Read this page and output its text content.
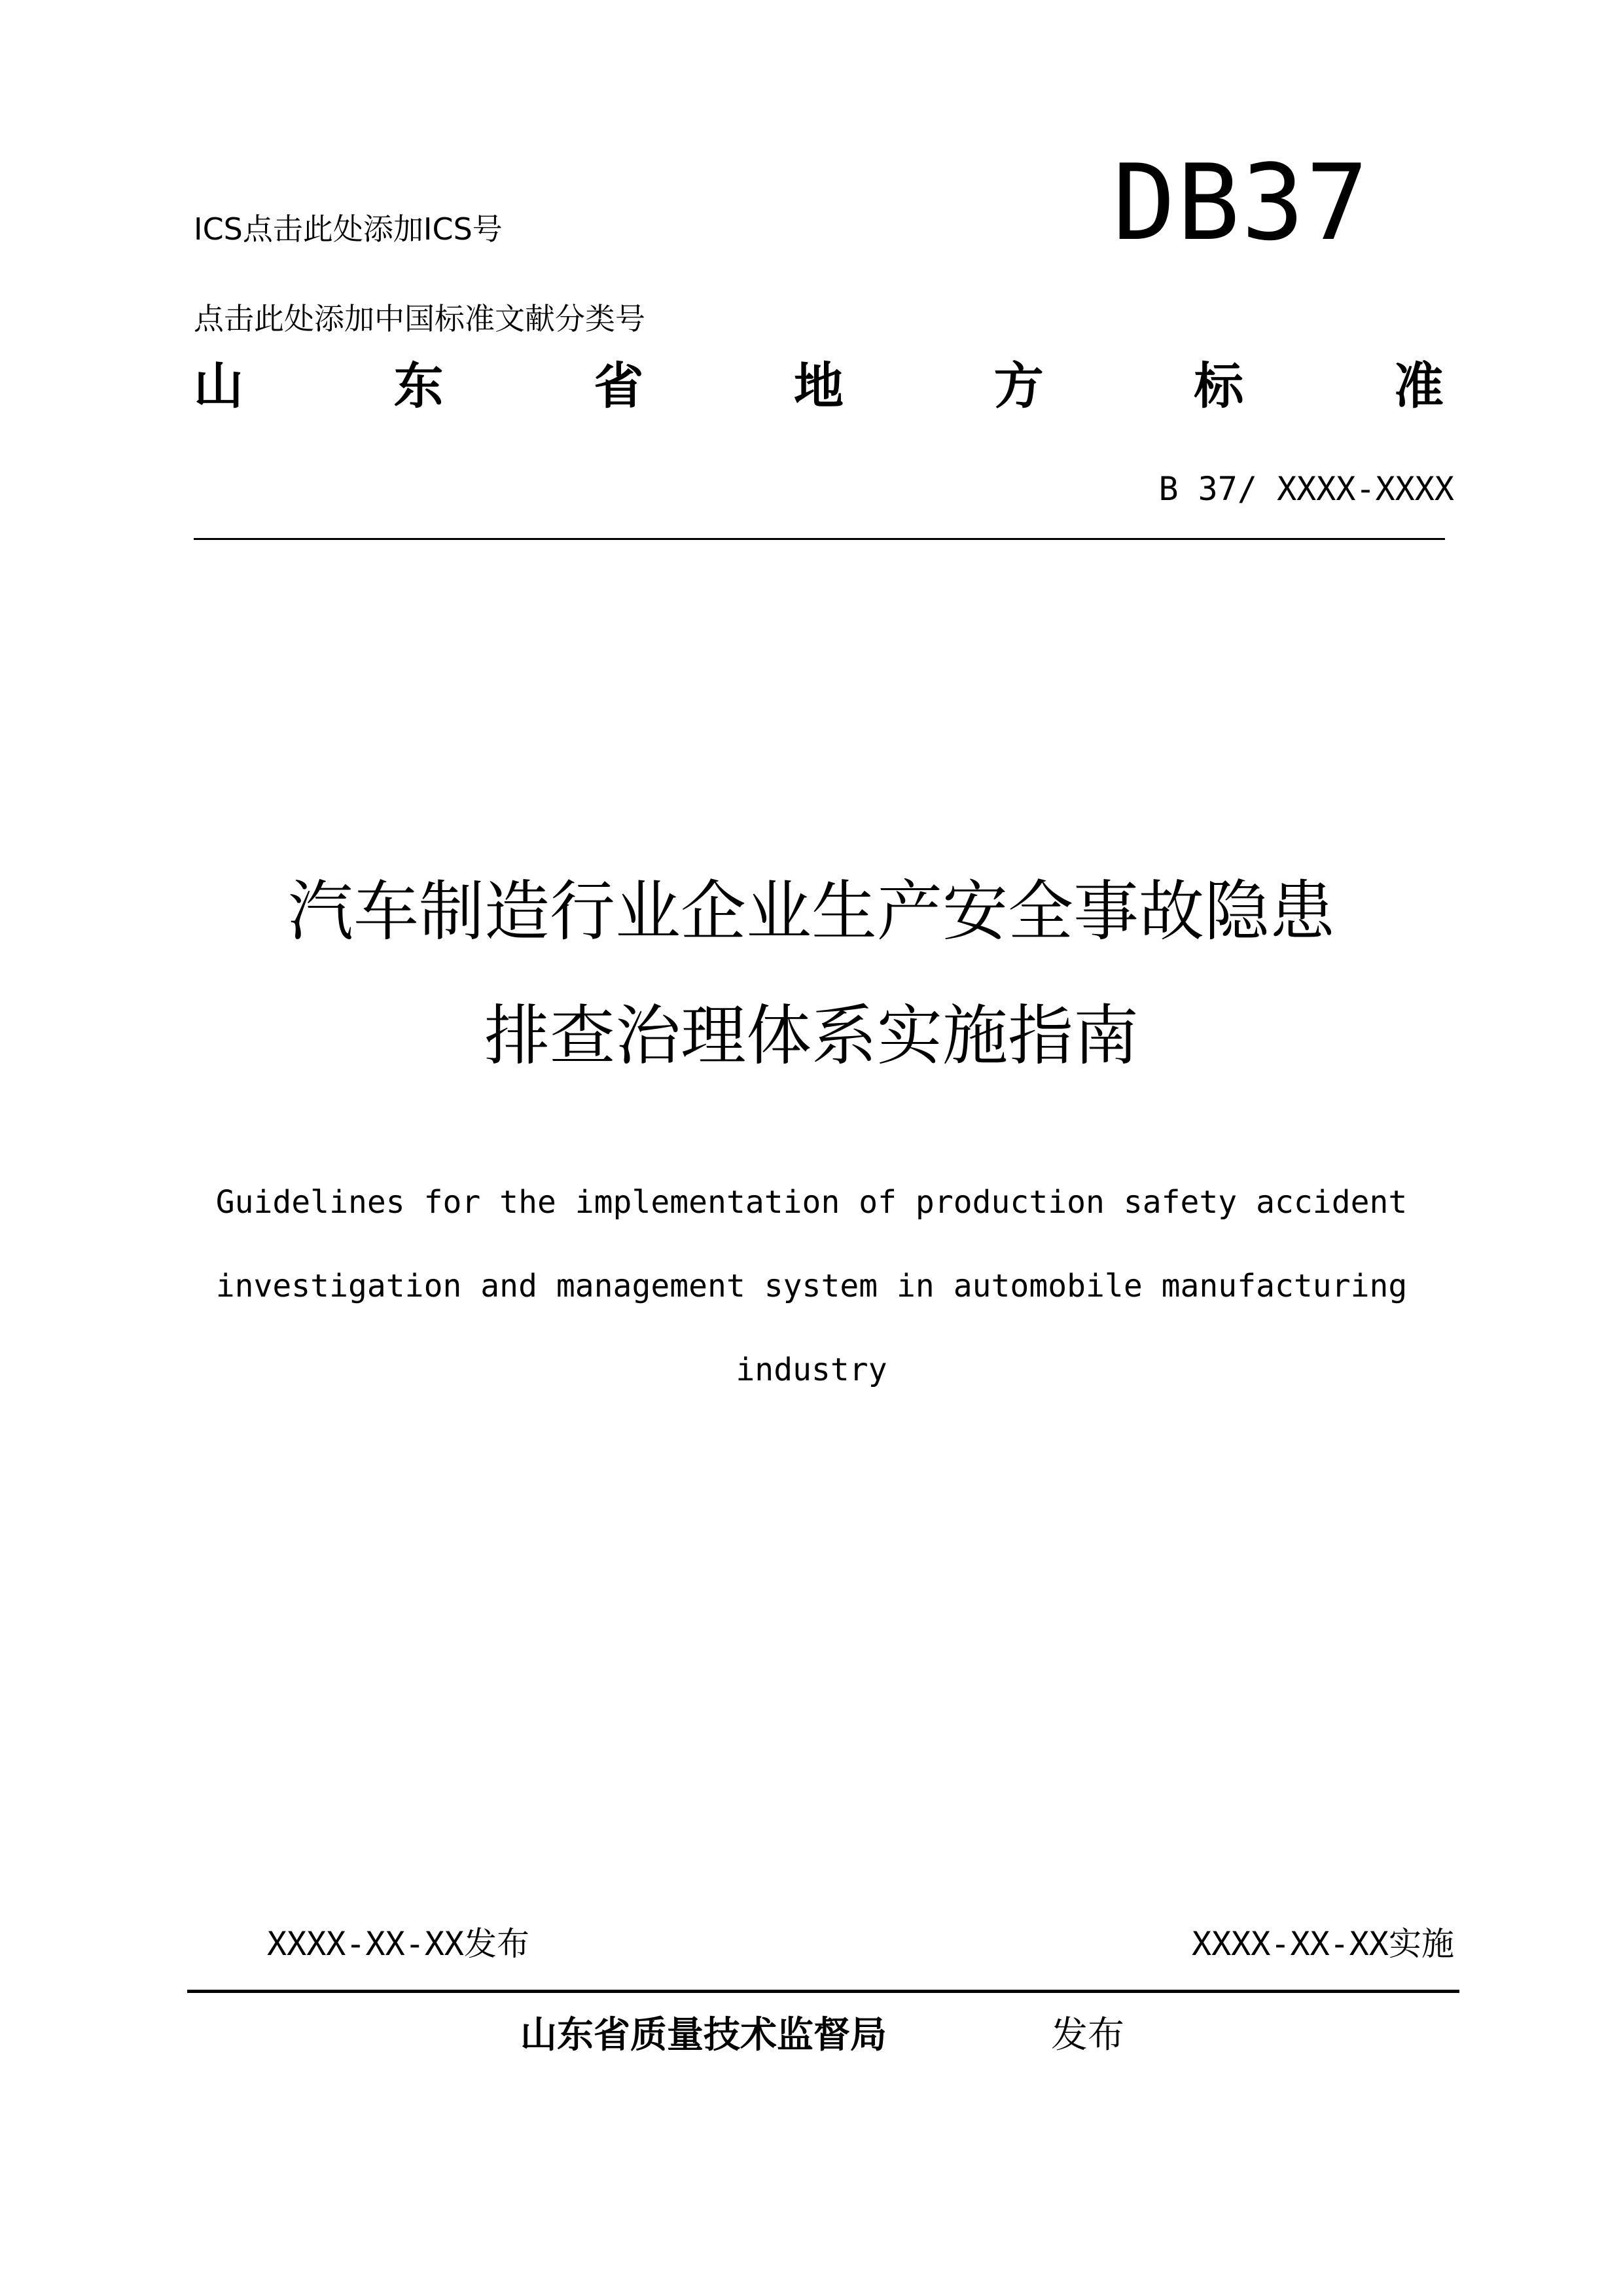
ICS点击此处添加ICS号	DB37
点击此处添加中国标准文献分类号
山	东	省	地	方	标	准
B 37/ XXXX-XXXX
汽车制造行业企业生产安全事故隐患
排查治理体系实施指南
Guidelines for the implementation of production safety accident
investigation and management system in automobile manufacturing
industry
XXXX-XX-XX发布	XXXX-XX-XX实施
山东省质量技术监督局	发布
